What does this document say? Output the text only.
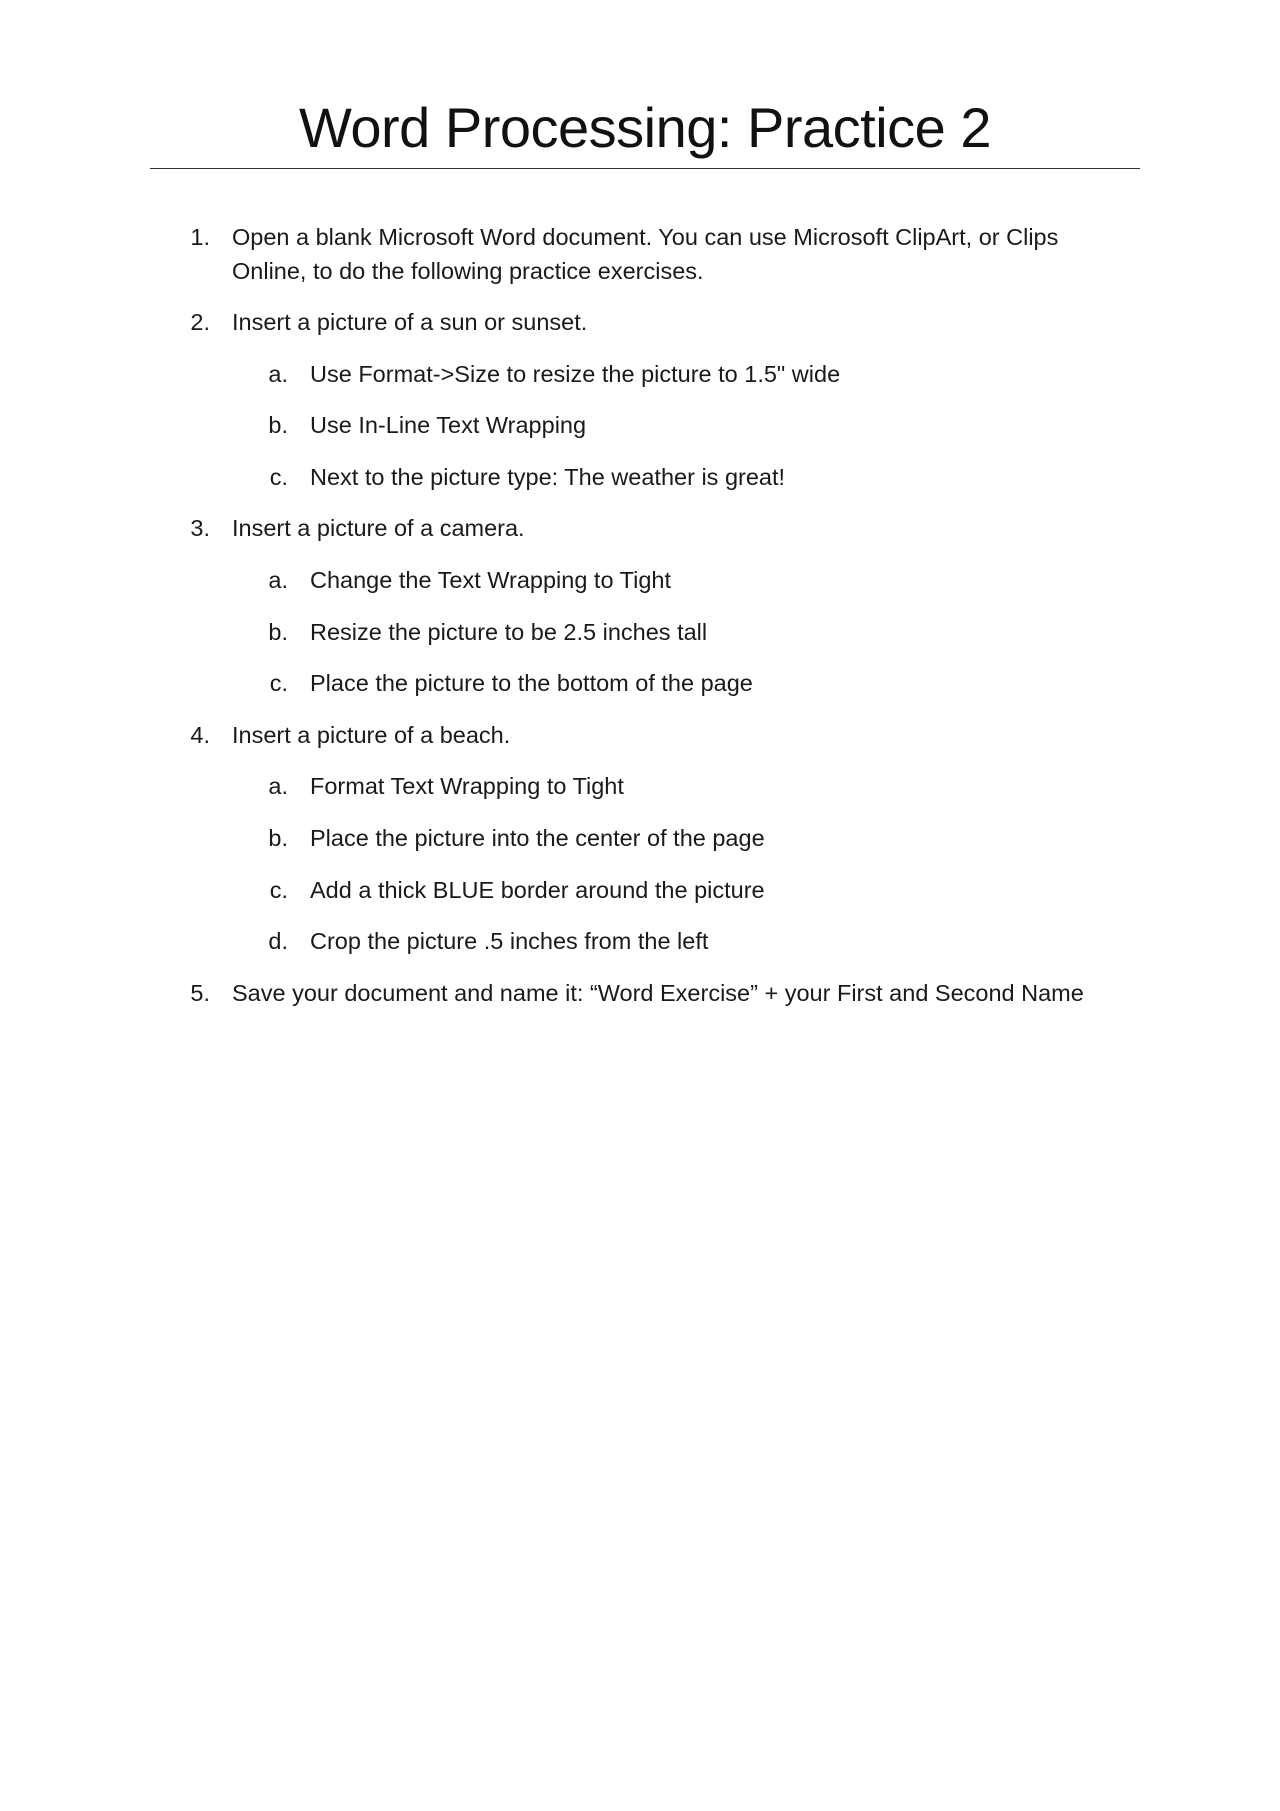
Word Processing: Practice 2
1. Open a blank Microsoft Word document. You can use Microsoft ClipArt, or Clips
Online, to do the following practice exercises.
2. Insert a picture of a sun or sunset.
a. Use Format->Size to resize the picture to 1.5" wide
b. Use In-Line Text Wrapping
c. Next to the picture type: The weather is great!
3. Insert a picture of a camera.
a. Change the Text Wrapping to Tight
b. Resize the picture to be 2.5 inches tall
c. Place the picture to the bottom of the page
4. Insert a picture of a beach.
a. Format Text Wrapping to Tight
b. Place the picture into the center of the page
c. Add a thick BLUE border around the picture
d. Crop the picture .5 inches from the left
5. Save your document and name it: “Word Exercise” + your First and Second Name
